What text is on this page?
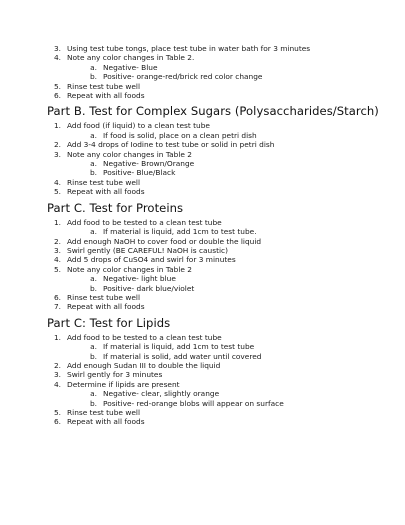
3. Using test tube tongs, place test tube in water bath for 3 minutes
4. Note any color changes in Table 2.
a. Negative- Blue
b. Positive- orange-red/brick red color change
5. Rinse test tube well
6. Repeat with all foods
Part B. Test for Complex Sugars (Polysaccharides/Starch)
1. Add food (if liquid) to a clean test tube
a. If food is solid, place on a clean petri dish
2. Add 3-4 drops of Iodine to test tube or solid in petri dish
3. Note any color changes in Table 2
a. Negative- Brown/Orange
b. Positive- Blue/Black
4. Rinse test tube well
5. Repeat with all foods
Part C. Test for Proteins
1. Add food to be tested to a clean test tube
a. If material is liquid, add 1cm to test tube.
2. Add enough NaOH to cover food or double the liquid
3. Swirl gently (BE CAREFUL! NaOH is caustic)
4. Add 5 drops of CuSO4 and swirl for 3 minutes
5. Note any color changes in Table 2
a. Negative- light blue
b. Positive- dark blue/violet
6. Rinse test tube well
7. Repeat with all foods
Part C: Test for Lipids
1. Add food to be tested to a clean test tube
a. If material is liquid, add 1cm to test tube
b. If material is solid, add water until covered
2. Add enough Sudan III to double the liquid
3. Swirl gently for 3 minutes
4. Determine if lipids are present
a. Negative- clear, slightly orange
b. Positive- red-orange blobs will appear on surface
5. Rinse test tube well
6. Repeat with all foods
